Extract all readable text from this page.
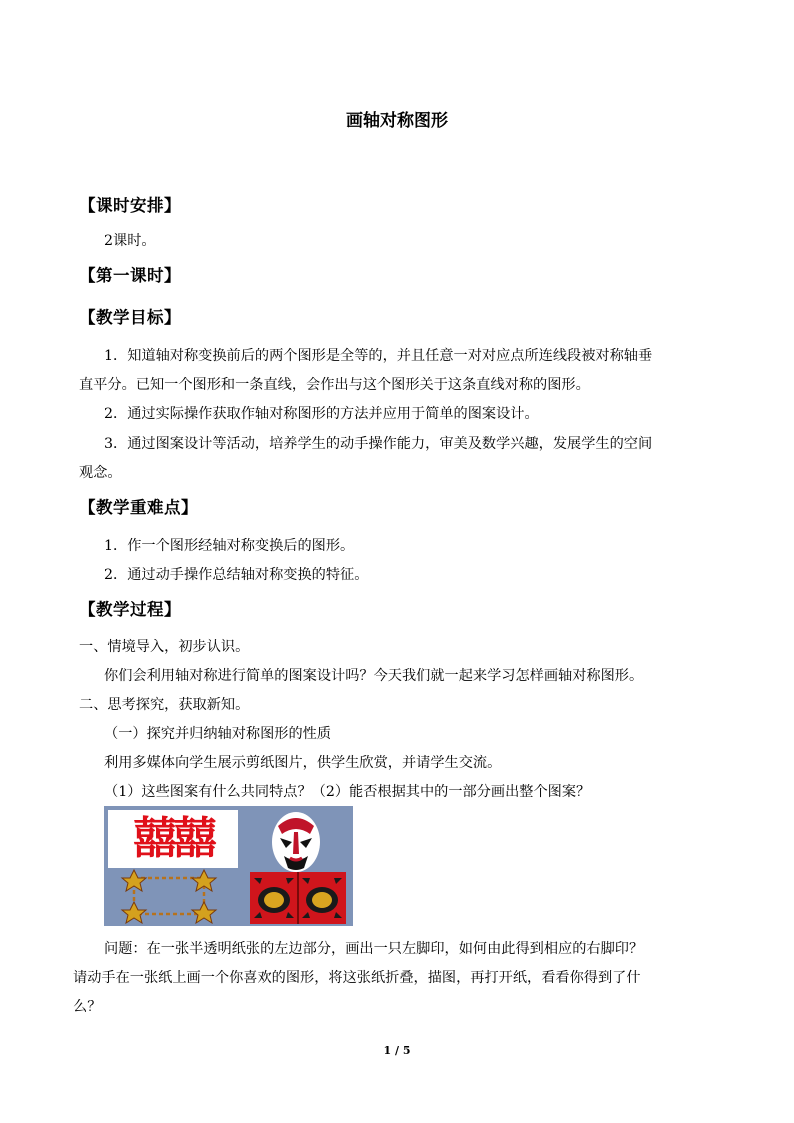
画轴对称图形
【课时安排】
2课时。
【第一课时】
【教学目标】
1．知道轴对称变换前后的两个图形是全等的，并且任意一对对应点所连线段被对称轴垂
直平分。已知一个图形和一条直线，会作出与这个图形关于这条直线对称的图形。
2．通过实际操作获取作轴对称图形的方法并应用于简单的图案设计。
3．通过图案设计等活动，培养学生的动手操作能力，审美及数学兴趣，发展学生的空间
观念。
【教学重难点】
1．作一个图形经轴对称变换后的图形。
2．通过动手操作总结轴对称变换的特征。
【教学过程】
一、情境导入，初步认识。
你们会利用轴对称进行简单的图案设计吗？今天我们就一起来学习怎样画轴对称图形。
二、思考探究，获取新知。
（一）探究并归纳轴对称图形的性质
利用多媒体向学生展示剪纸图片，供学生欣赏，并请学生交流。
（1）这些图案有什么共同特点？（2）能否根据其中的一部分画出整个图案？
囍囍
问题：在一张半透明纸张的左边部分，画出一只左脚印，如何由此得到相应的右脚印？
请动手在一张纸上画一个你喜欢的图形，将这张纸折叠，描图，再打开纸，看看你得到了什
么？
1 / 5
